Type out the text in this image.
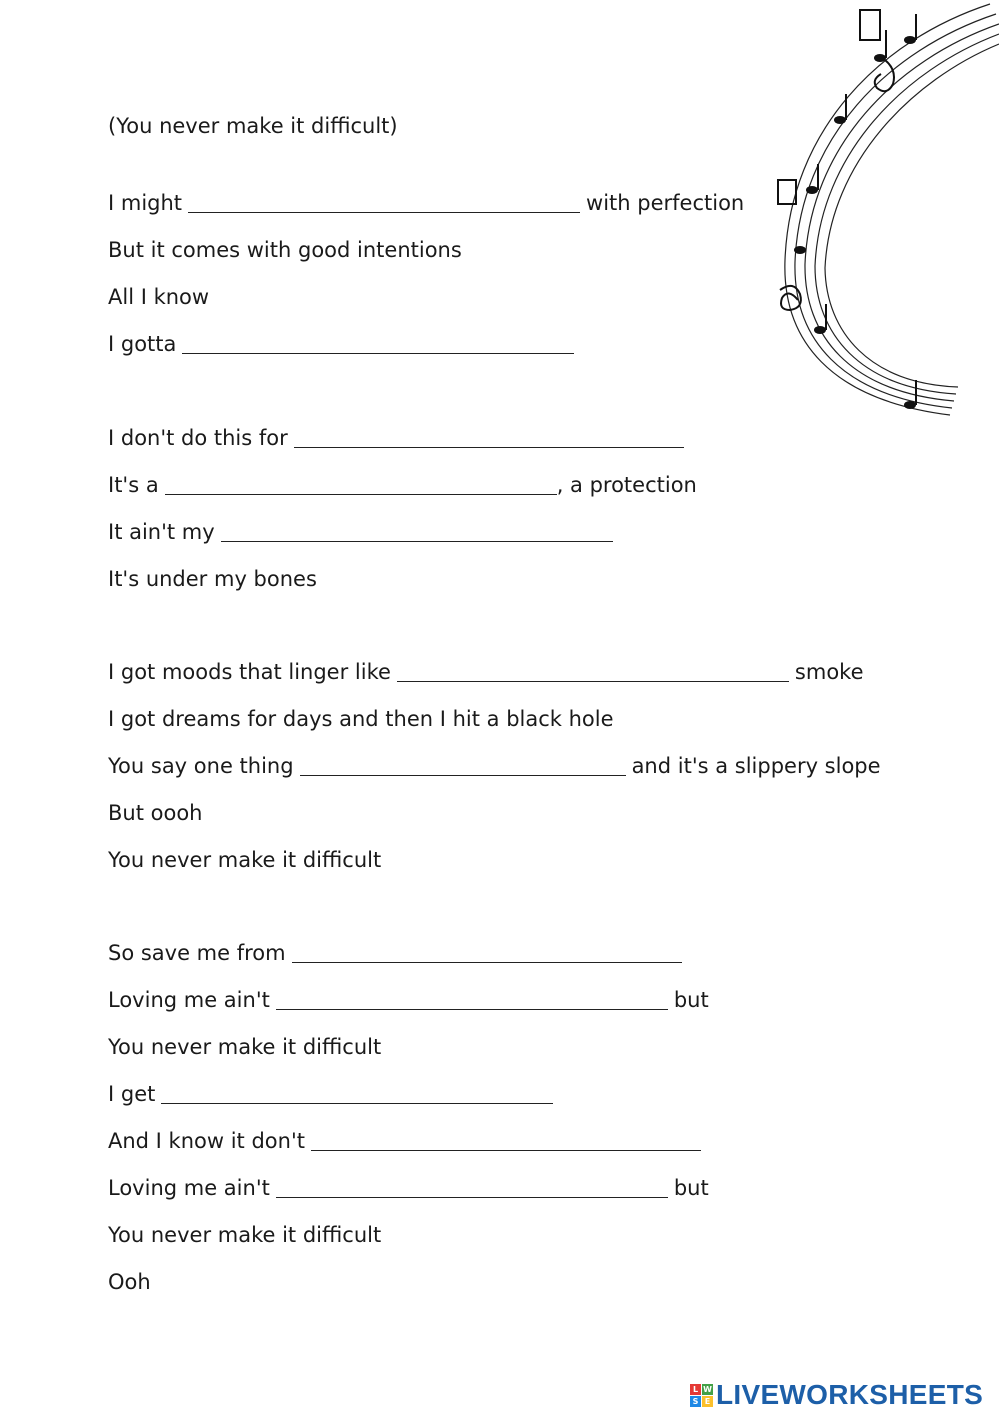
(You never make it difficult)
I might	with perfection
But it comes with good intentions
All I know
I gotta
I don't do this for
It's a	, a protection
It ain't my
It's under my bones
I got moods that linger like	smoke
I got dreams for days and then I hit a black hole
You say one thing	and it's a slippery slope
But oooh
You never make it difficult
So save me from
Loving me ain't	but
You never make it difficult
I get
And I know it don't
Loving me ain't	but
You never make it difficult
Ooh
L W
S E LIVEWORKSHEETS
